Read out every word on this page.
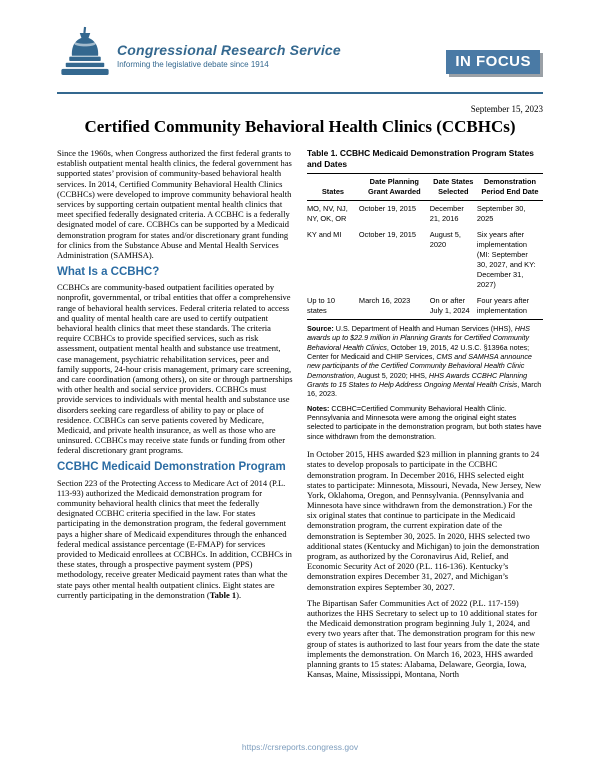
Congressional Research Service
Informing the legislative debate since 1914	IN FOCUS
September 15, 2023
Certified Community Behavioral Health Clinics (CCBHCs)

Since the 1960s, when Congress authorized the first federal grants to establish outpatient mental health clinics, the federal government has supported states’ provision of community-based behavioral health services. In 2014, Certified Community Behavioral Health Clinics (CCBHCs) were developed to improve community behavioral health services by supporting certain outpatient mental health clinics that meet specified federally designated criteria. A CCBHC is a federally designated model of care. CCBHCs can be supported by a Medicaid demonstration program for states and/or discretionary grant funding for clinics from the Substance Abuse and Mental Health Services Administration (SAMHSA).

What Is a CCBHC?

CCBHCs are community-based outpatient facilities operated by nonprofit, governmental, or tribal entities that offer a comprehensive range of behavioral health services. Federal criteria related to access and quality of mental health care are used to certify outpatient behavioral health clinics that meet these standards. The criteria require CCBHCs to provide specified services, such as risk assessment, outpatient mental health and substance use treatment, case management, psychiatric rehabilitation services, peer and family supports, 24-hour crisis management, primary care screening, and care coordination (among others), on site or through partnerships with other health and social service providers. CCBHCs must provide services to individuals with mental health and substance use disorders seeking care regardless of ability to pay or place of residence. CCBHCs can serve patients covered by Medicare, Medicaid, and private health insurance, as well as those who are uninsured. CCBHCs may receive state funds or funding from other federal discretionary grant programs.

CCBHC Medicaid Demonstration Program

Section 223 of the Protecting Access to Medicare Act of 2014 (P.L. 113-93) authorized the Medicaid demonstration program for community behavioral health clinics that meet the federally designated CCBHC criteria specified in the law. For states participating in the demonstration program, the federal government pays a higher share of Medicaid expenditures through the enhanced federal medical assistance percentage (E-FMAP) for services provided to Medicaid enrollees at CCBHCs. In addition, CCBHCs in these states, through a prospective payment system (PPS) methodology, receive greater Medicaid payment rates than what the state pays other mental health outpatient clinics. Eight states are currently participating in the demonstration (Table 1).

Table 1. CCBHC Medicaid Demonstration Program States and Dates
States	Date Planning Grant Awarded	Date States Selected	Demonstration Period End Date
MO, NV, NJ, NY, OK, OR	October 19, 2015	December 21, 2016	September 30, 2025
KY and MI	October 19, 2015	August 5, 2020	Six years after implementation (MI: September 30, 2027, and KY: December 31, 2027)
Up to 10 states	March 16, 2023	On or after July 1, 2024	Four years after implementation

Source: U.S. Department of Health and Human Services (HHS), HHS awards up to $22.9 million in Planning Grants for Certified Community Behavioral Health Clinics, October 19, 2015, 42 U.S.C. §1396a notes; Center for Medicaid and CHIP Services, CMS and SAMHSA announce new participants of the Certified Community Behavioral Health Clinic Demonstration, August 5, 2020; HHS, HHS Awards CCBHC Planning Grants to 15 States to Help Address Ongoing Mental Health Crisis, March 16, 2023.

Notes: CCBHC=Certified Community Behavioral Health Clinic. Pennsylvania and Minnesota were among the original eight states selected to participate in the demonstration program, but both states have since withdrawn from the demonstration.

In October 2015, HHS awarded $23 million in planning grants to 24 states to develop proposals to participate in the CCBHC demonstration program. In December 2016, HHS selected eight states to participate: Minnesota, Missouri, Nevada, New Jersey, New York, Oklahoma, Oregon, and Pennsylvania. (Pennsylvania and Minnesota have since withdrawn from the demonstration.) For the six original states that continue to participate in the Medicaid demonstration program, the current expiration date of the demonstration is September 30, 2025. In 2020, HHS selected two additional states (Kentucky and Michigan) to join the demonstration program, as authorized by the Coronavirus Aid, Relief, and Economic Security Act of 2020 (P.L. 116-136). Kentucky’s demonstration expires December 31, 2027, and Michigan’s demonstration expires September 30, 2027.

The Bipartisan Safer Communities Act of 2022 (P.L. 117-159) authorizes the HHS Secretary to select up to 10 additional states for the Medicaid demonstration program beginning July 1, 2024, and every two years after that. The demonstration program for this new group of states is authorized to last four years from the date the state implements the demonstration. On March 16, 2023, HHS awarded planning grants to 15 states: Alabama, Delaware, Georgia, Iowa, Kansas, Maine, Mississippi, Montana, North

https://crsreports.congress.gov
